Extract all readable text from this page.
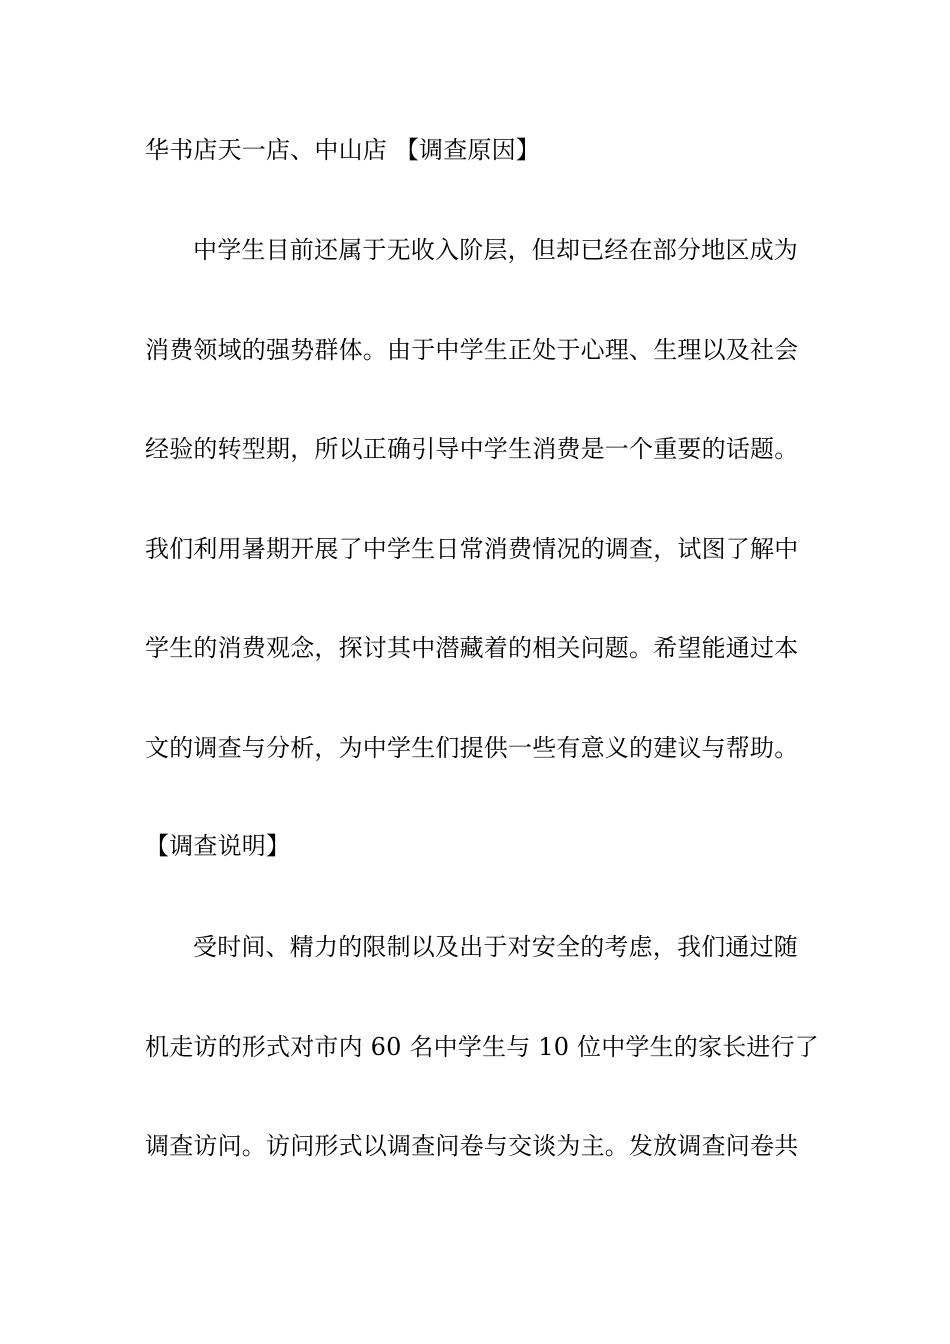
华书店天一店、中山店 【调查原因】
中学生目前还属于无收入阶层，但却已经在部分地区成为
消费领域的强势群体。由于中学生正处于心理、生理以及社会
经验的转型期，所以正确引导中学生消费是一个重要的话题。
我们利用暑期开展了中学生日常消费情况的调查，试图了解中
学生的消费观念，探讨其中潜藏着的相关问题。希望能通过本
文的调查与分析，为中学生们提供一些有意义的建议与帮助。
【调查说明】
受时间、精力的限制以及出于对安全的考虑，我们通过随
机走访的形式对市内 60 名中学生与 10 位中学生的家长进行了
调查访问。访问形式以调查问卷与交谈为主。发放调查问卷共
